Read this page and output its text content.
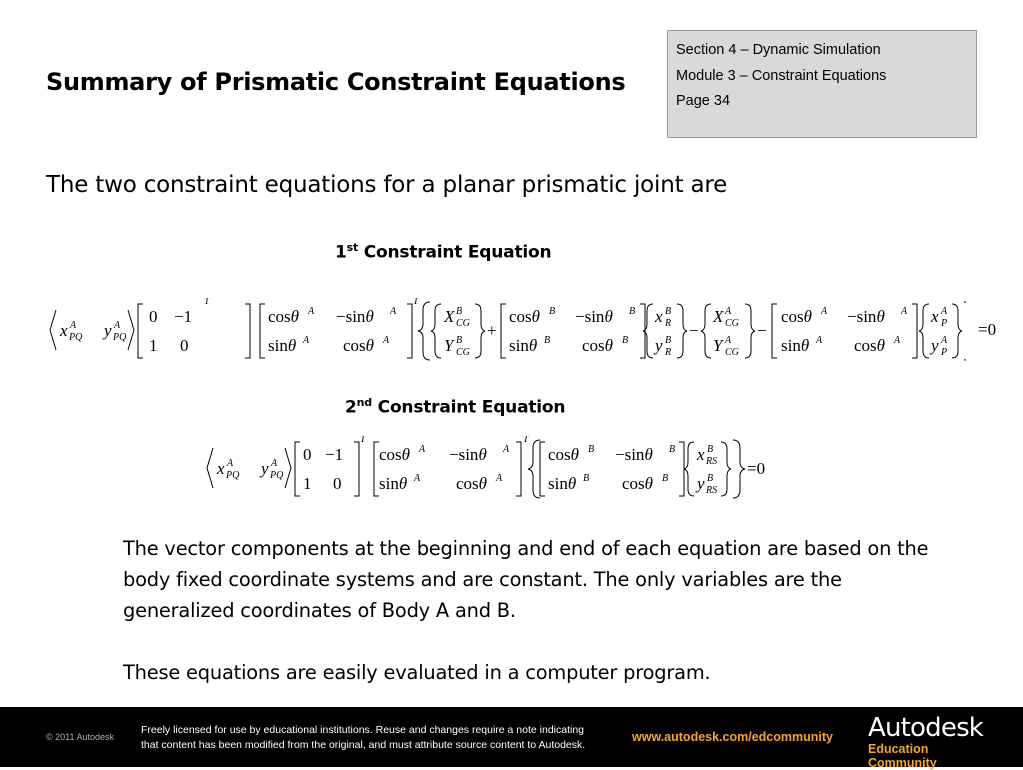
Summary of Prismatic Constraint Equations
Section 4 – Dynamic Simulation
Module 3 – Constraint Equations
Page 34
The two constraint equations for a planar prismatic joint are
1st Constraint Equation
x A
PQ y A
PQ
0 −1
1 0
T
cosθ A −sinθ A
sinθ A cosθ A
T
X B
CG
Y B
CG
+
cosθ B −sinθ B
sinθ B cosθ B
x B
R
y B
R
−
X A
CG
Y A
CG
−
cosθ A −sinθ A
sinθ A cosθ A
x A
P
y A
P
=0
2nd Constraint Equation
x A
PQ y A
PQ
0 −1
1 0
T
cosθ A −sinθ A
sinθ A cosθ A
T
cosθ B −sinθ B
sinθ B cosθ B
x B
RS
y B
RS
=0

The vector components at the beginning and end of each equation are based on the body fixed coordinate systems and are constant. The only variables are the generalized coordinates of Body A and B.

These equations are easily evaluated in a computer program.

© 2011 Autodesk
Freely licensed for use by educational institutions. Reuse and changes require a note indicating
that content has been modified from the original, and must attribute source content to Autodesk.
www.autodesk.com/edcommunity Autodesk
Education Community
